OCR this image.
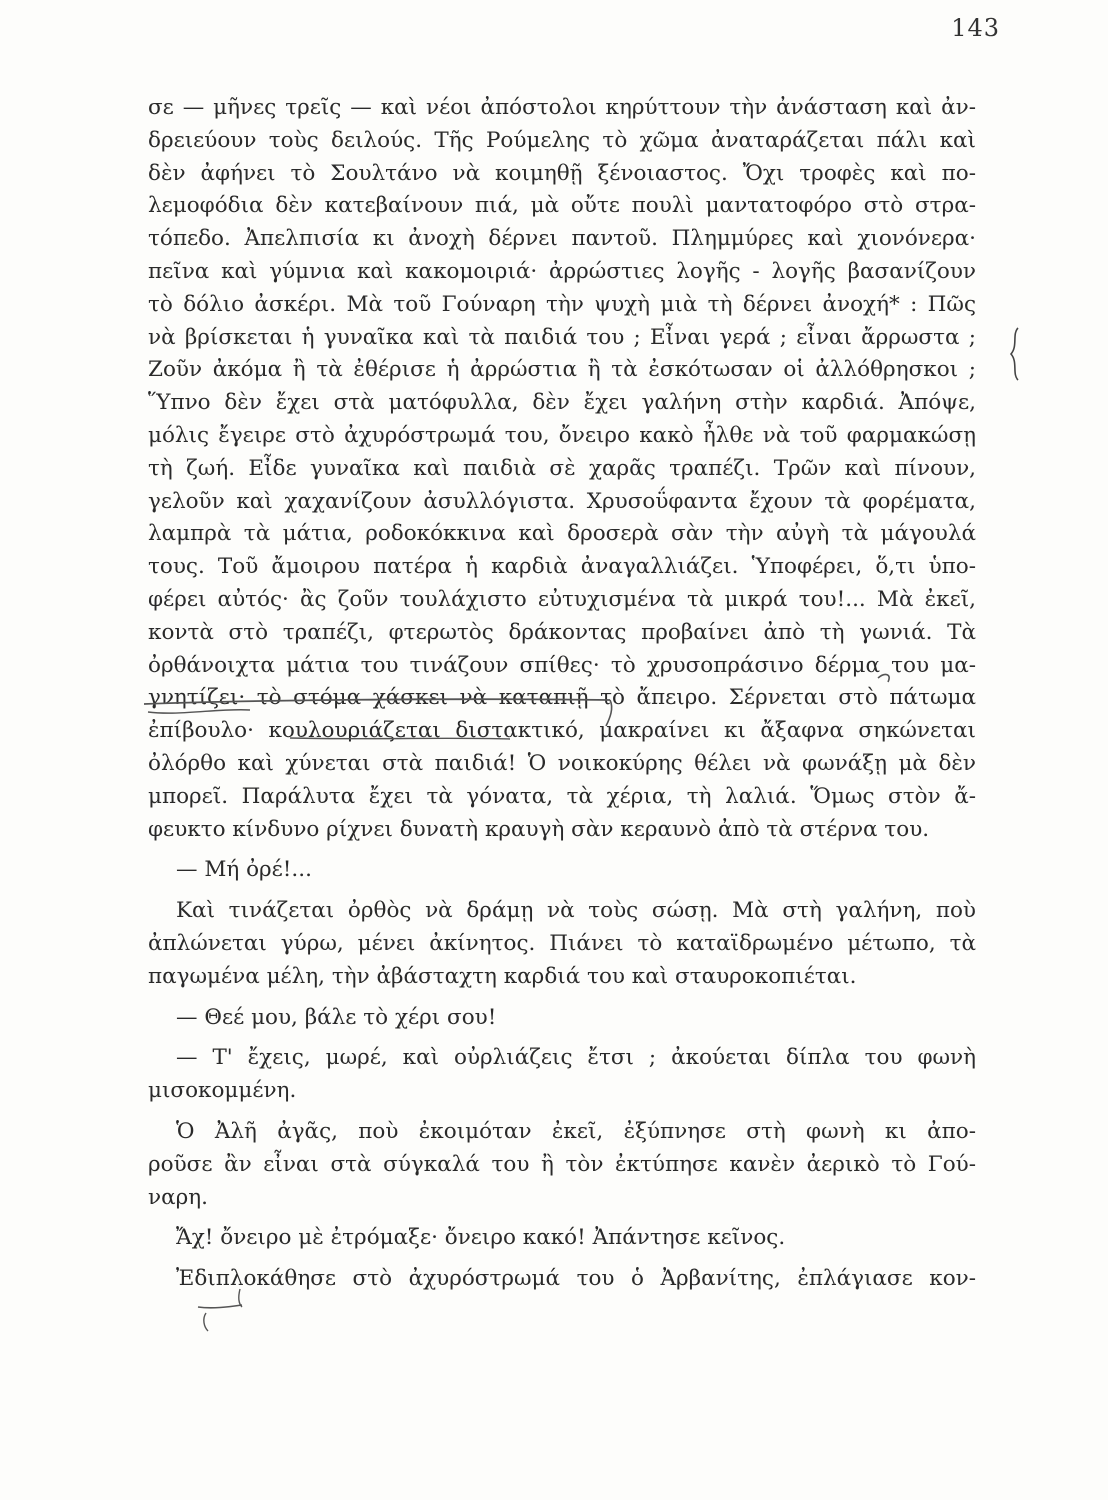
143
σε — μῆνες τρεῖς — καὶ νέοι ἀπόστολοι κηρύττουν τὴν ἀνάσταση καὶ ἀν-
δρειεύουν τοὺς δειλούς. Τῆς Ρούμελης τὸ χῶμα ἀναταράζεται πάλι καὶ
δὲν ἀφήνει τὸ Σουλτάνο νὰ κοιμηθῇ ξένοιαστος. Ὄχι τροφὲς καὶ πο-
λεμοφόδια δὲν κατεβαίνουν πιά, μὰ οὔτε πουλὶ μαντατοφόρο στὸ στρα-
τόπεδο. Ἀπελπισία κι ἀνοχὴ δέρνει παντοῦ. Πλημμύρες καὶ χιονόνερα·
πεῖνα καὶ γύμνια καὶ κακομοιριά· ἀρρώστιες λογῆς - λογῆς βασανίζουν
τὸ δόλιο ἀσκέρι. Μὰ τοῦ Γούναρη τὴν ψυχὴ μιὰ τὴ δέρνει ἀνοχή* : Πῶς
νὰ βρίσκεται ἡ γυναῖκα καὶ τὰ παιδιά του ; Εἶναι γερά ; εἶναι ἄρρωστα ;
Ζοῦν ἀκόμα ἢ τὰ ἐθέρισε ἡ ἀρρώστια ἢ τὰ ἐσκότωσαν οἱ ἀλλόθρησκοι ;
Ὕπνο δὲν ἔχει στὰ ματόφυλλα, δὲν ἔχει γαλήνη στὴν καρδιά. Ἀπόψε,
μόλις ἔγειρε στὸ ἀχυρόστρωμά του, ὄνειρο κακὸ ἦλθε νὰ τοῦ φαρμακώσῃ
τὴ ζωή. Εἶδε γυναῖκα καὶ παιδιὰ σὲ χαρᾶς τραπέζι. Τρῶν καὶ πίνουν,
γελοῦν καὶ χαχανίζουν ἀσυλλόγιστα. Χρυσοΰφαντα ἔχουν τὰ φορέματα,
λαμπρὰ τὰ μάτια, ροδοκόκκινα καὶ δροσερὰ σὰν τὴν αὐγὴ τὰ μάγουλά
τους. Τοῦ ἄμοιρου πατέρα ἡ καρδιὰ ἀναγαλλιάζει. Ὑποφέρει, ὅ,τι ὑπο-
φέρει αὐτός· ἂς ζοῦν τουλάχιστο εὐτυχισμένα τὰ μικρά του!... Μὰ ἐκεῖ,
κοντὰ στὸ τραπέζι, φτερωτὸς δράκοντας προβαίνει ἀπὸ τὴ γωνιά. Τὰ
ὀρθάνοιχτα μάτια του τινάζουν σπίθες· τὸ χρυσοπράσινο δέρμα του μα-
γνητίζει· τὸ στόμα χάσκει νὰ καταπιῇ τὸ ἄπειρο. Σέρνεται στὸ πάτωμα
ἐπίβουλο· κουλουριάζεται διστακτικό, μακραίνει κι ἄξαφνα σηκώνεται
ὀλόρθο καὶ χύνεται στὰ παιδιά! Ὁ νοικοκύρης θέλει νὰ φωνάξῃ μὰ δὲν
μπορεῖ. Παράλυτα ἔχει τὰ γόνατα, τὰ χέρια, τὴ λαλιά. Ὅμως στὸν ἄ-
φευκτο κίνδυνο ρίχνει δυνατὴ κραυγὴ σὰν κεραυνὸ ἀπὸ τὰ στέρνα του.
— Μή ὀρέ!...
Καὶ τινάζεται ὀρθὸς νὰ δράμῃ νὰ τοὺς σώσῃ. Μὰ στὴ γαλήνη, ποὺ
ἀπλώνεται γύρω, μένει ἀκίνητος. Πιάνει τὸ καταϊδρωμένο μέτωπο, τὰ
παγωμένα μέλη, τὴν ἀβάσταχτη καρδιά του καὶ σταυροκοπιέται.
— Θεέ μου, βάλε τὸ χέρι σου!
— Τ' ἔχεις, μωρέ, καὶ οὐρλιάζεις ἔτσι ; ἀκούεται δίπλα του φωνὴ
μισοκομμένη.
Ὁ Ἀλῆ ἀγᾶς, ποὺ ἐκοιμόταν ἐκεῖ, ἐξύπνησε στὴ φωνὴ κι ἀπο-
ροῦσε ἂν εἶναι στὰ σύγκαλά του ἢ τὸν ἐκτύπησε κανὲν ἀερικὸ τὸ Γού-
ναρη.
Ἄχ! ὄνειρο μὲ ἐτρόμαξε· ὄνειρο κακό! Ἀπάντησε κεῖνος.
Ἐδιπλοκάθησε στὸ ἀχυρόστρωμά του ὁ Ἀρβανίτης, ἐπλάγιασε κον-
